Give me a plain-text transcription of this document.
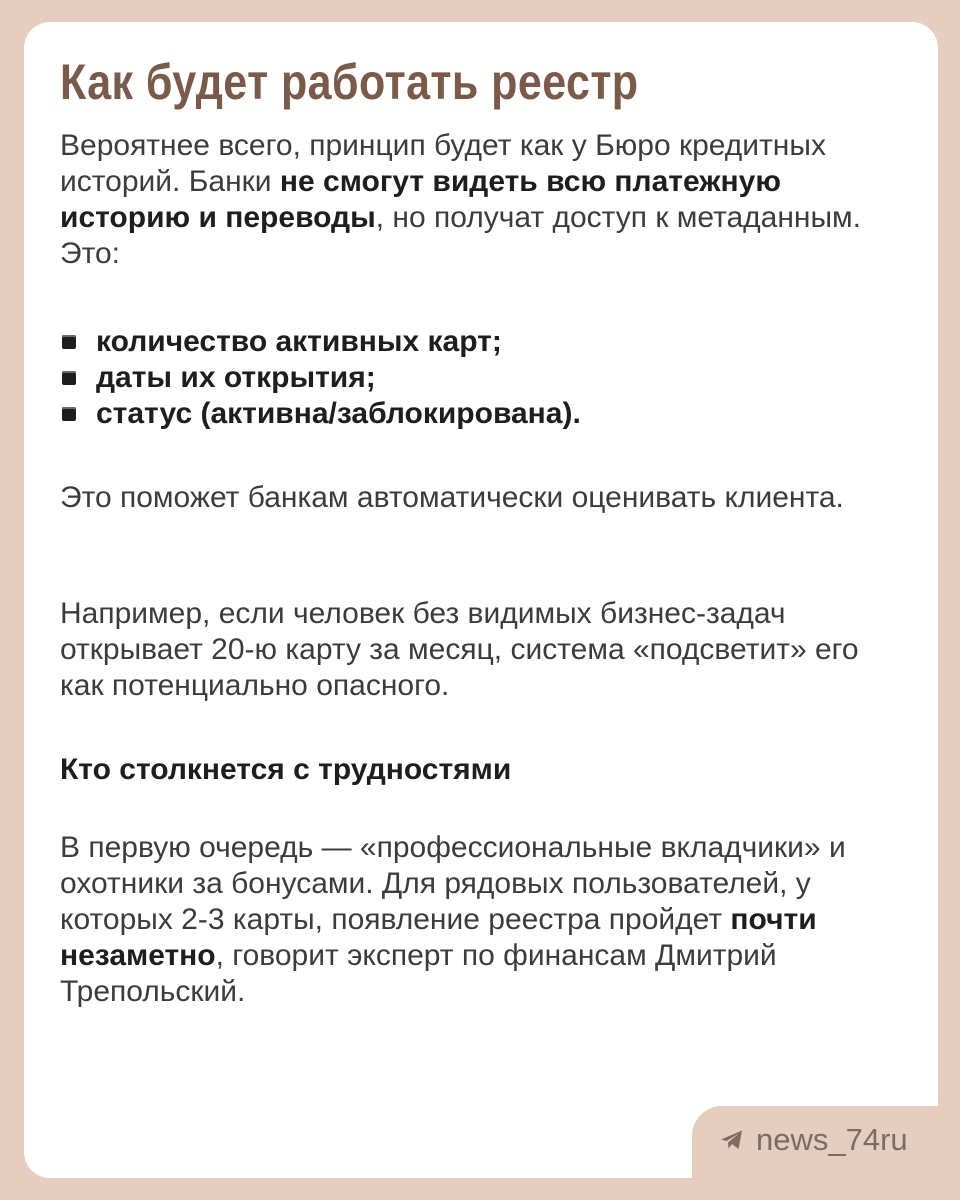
Как будет работать реестр
Вероятнее всего, принцип будет как у Бюро кредитных историй. Банки не смогут видеть всю платежную историю и переводы, но получат доступ к метаданным. Это:
количество активных карт;
даты их открытия;
статус (активна/заблокирована).
Это поможет банкам автоматически оценивать клиента.
Например, если человек без видимых бизнес-задач открывает 20-ю карту за месяц, система «подсветит» его как потенциально опасного.
Кто столкнется с трудностями
В первую очередь — «профессиональные вкладчики» и охотники за бонусами. Для рядовых пользователей, у которых 2-3 карты, появление реестра пройдет почти незаметно, говорит эксперт по финансам Дмитрий Трепольский.
news_74ru
